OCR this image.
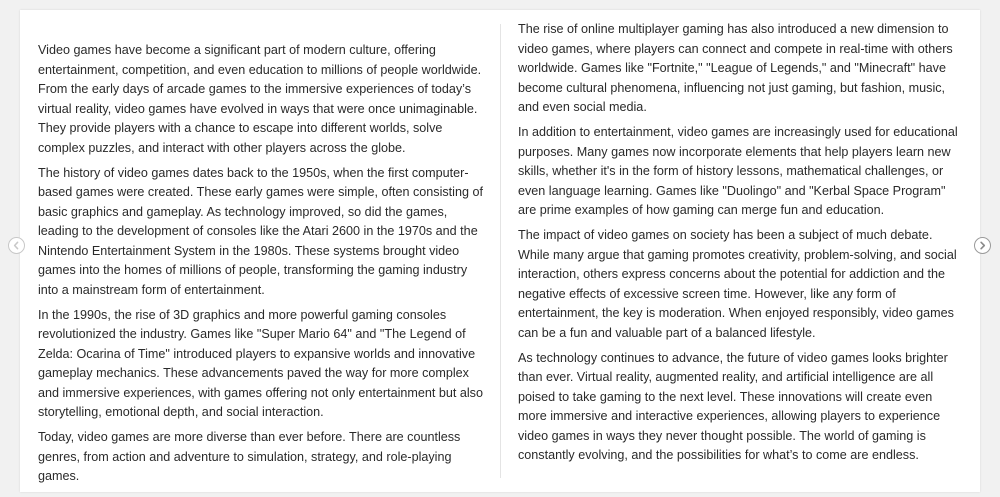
Video games have become a significant part of modern culture, offering entertainment, competition, and even education to millions of people worldwide. From the early days of arcade games to the immersive experiences of today’s virtual reality, video games have evolved in ways that were once unimaginable. They provide players with a chance to escape into different worlds, solve complex puzzles, and interact with other players across the globe.

The history of video games dates back to the 1950s, when the first computer-based games were created. These early games were simple, often consisting of basic graphics and gameplay. As technology improved, so did the games, leading to the development of consoles like the Atari 2600 in the 1970s and the Nintendo Entertainment System in the 1980s. These systems brought video games into the homes of millions of people, transforming the gaming industry into a mainstream form of entertainment.

In the 1990s, the rise of 3D graphics and more powerful gaming consoles revolutionized the industry. Games like "Super Mario 64" and "The Legend of Zelda: Ocarina of Time" introduced players to expansive worlds and innovative gameplay mechanics. These advancements paved the way for more complex and immersive experiences, with games offering not only entertainment but also storytelling, emotional depth, and social interaction.

Today, video games are more diverse than ever before. There are countless genres, from action and adventure to simulation, strategy, and role-playing games.

The rise of online multiplayer gaming has also introduced a new dimension to video games, where players can connect and compete in real-time with others worldwide. Games like "Fortnite," "League of Legends," and "Minecraft" have become cultural phenomena, influencing not just gaming, but fashion, music, and even social media.

In addition to entertainment, video games are increasingly used for educational purposes. Many games now incorporate elements that help players learn new skills, whether it's in the form of history lessons, mathematical challenges, or even language learning. Games like "Duolingo" and "Kerbal Space Program" are prime examples of how gaming can merge fun and education.

The impact of video games on society has been a subject of much debate. While many argue that gaming promotes creativity, problem-solving, and social interaction, others express concerns about the potential for addiction and the negative effects of excessive screen time. However, like any form of entertainment, the key is moderation. When enjoyed responsibly, video games can be a fun and valuable part of a balanced lifestyle.

As technology continues to advance, the future of video games looks brighter than ever. Virtual reality, augmented reality, and artificial intelligence are all poised to take gaming to the next level. These innovations will create even more immersive and interactive experiences, allowing players to experience video games in ways they never thought possible. The world of gaming is constantly evolving, and the possibilities for what’s to come are endless.
